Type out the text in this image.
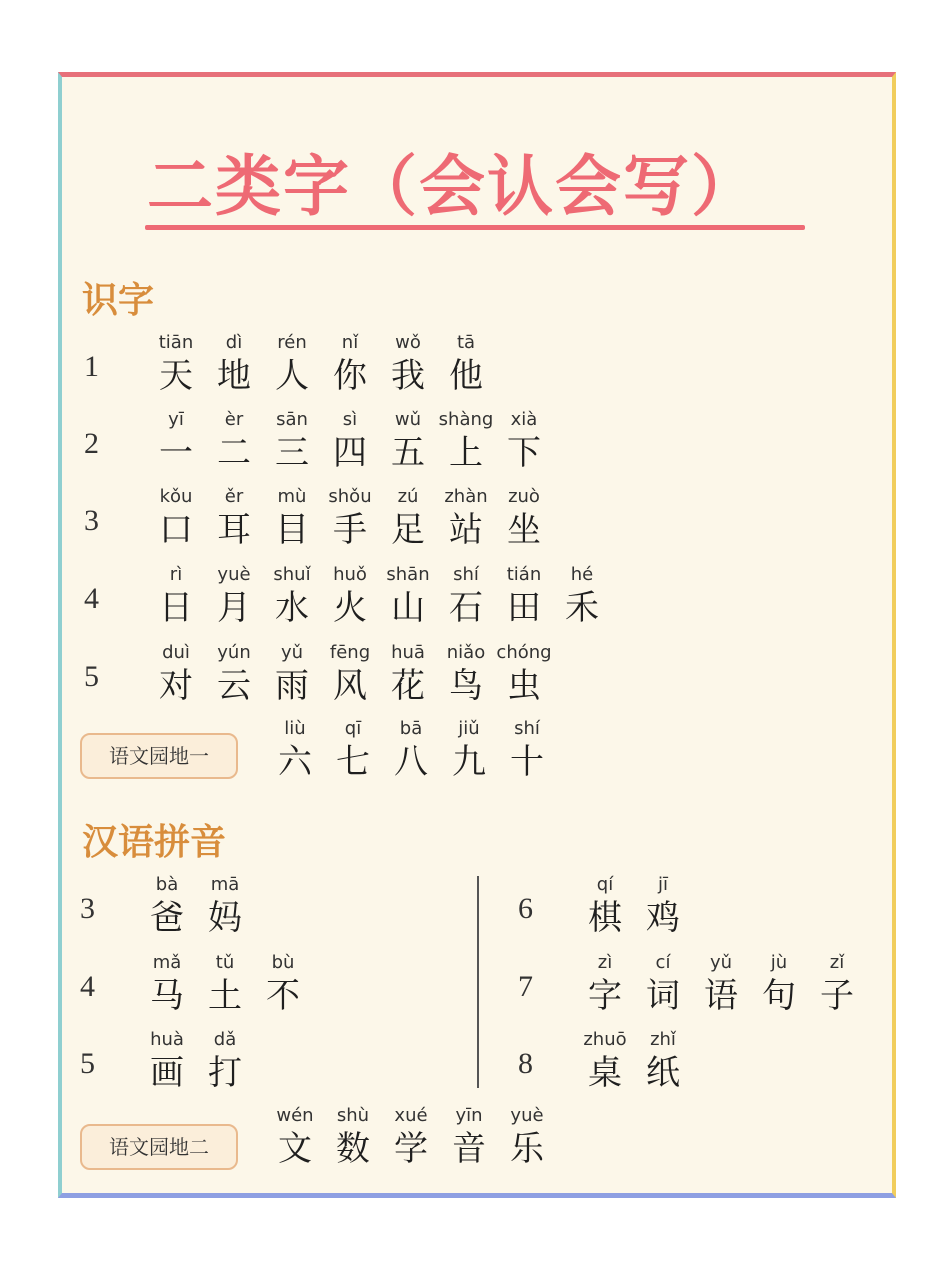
二类字（会认会写）
识字
1
tiān
天
dì
地
rén
人
nǐ
你
wǒ
我
tā
他
2
yī
一
èr
二
sān
三
sì
四
wǔ
五
shàng
上
xià
下
3
kǒu
口
ěr
耳
mù
目
shǒu
手
zú
足
zhàn
站
zuò
坐
4
rì
日
yuè
月
shuǐ
水
huǒ
火
shān
山
shí
石
tián
田
hé
禾
5
duì
对
yún
云
yǔ
雨
fēng
风
huā
花
niǎo
鸟
chóng
虫
语文园地一
liù
六
qī
七
bā
八
jiǔ
九
shí
十
汉语拼音
3
bà
爸
mā
妈
4
mǎ
马
tǔ
土
bù
不
5
huà
画
dǎ
打
6
qí
棋
jī
鸡
7
zì
字
cí
词
yǔ
语
jù
句
zǐ
子
8
zhuō
桌
zhǐ
纸
语文园地二
wén
文
shù
数
xué
学
yīn
音
yuè
乐
